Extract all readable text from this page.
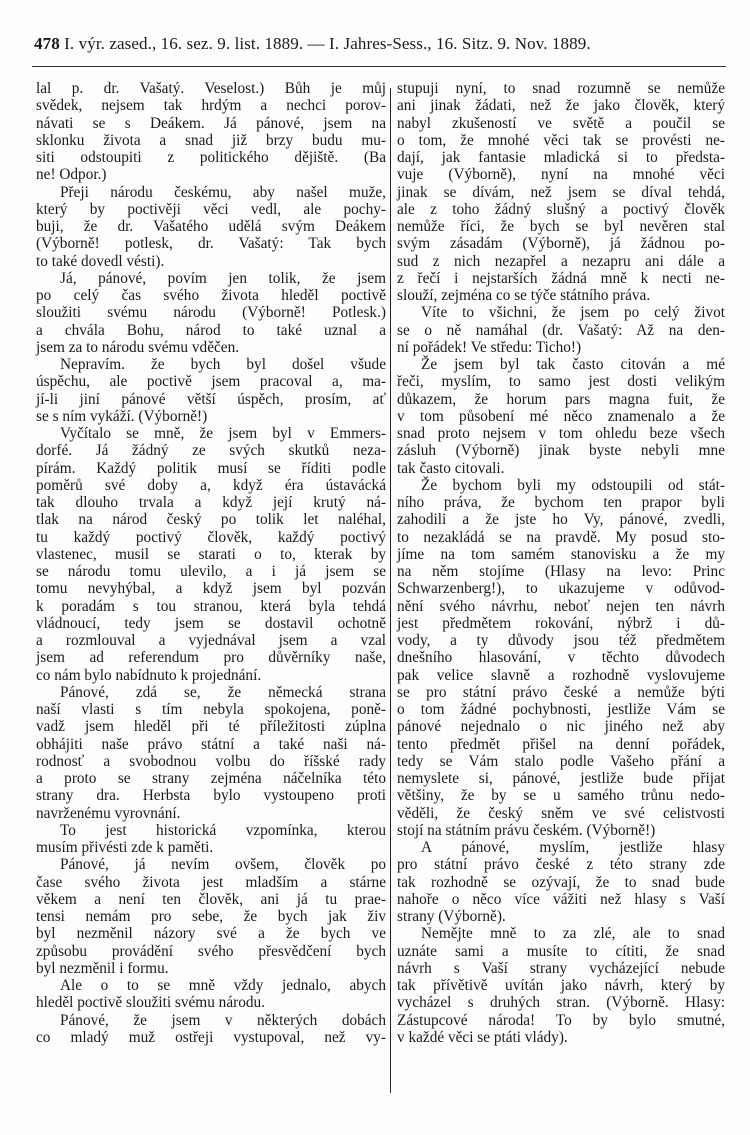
478 I. výr. zased., 16. sez. 9. list. 1889. — I. Jahres-Sess., 16. Sitz. 9. Nov. 1889.
lal p. dr. Vašatý. Veselost.) Bůh je můj
svědek, nejsem tak hrdým a nechci porov-
návati se s Deákem. Já pánové, jsem na
sklonku života a snad již brzy budu mu-
siti odstoupiti z politického dějiště. (Ba
ne! Odpor.)
Přeji národu českému, aby našel muže,
který by poctivěji věci vedl, ale pochy-
buji, že dr. Vašatého udělá svým Deákem
(Výborně! potlesk, dr. Vašatý: Tak bych
to také dovedl vésti).
Já, pánové, povím jen tolik, že jsem
po celý čas svého života hleděl poctivě
sloužiti svému národu (Výborně! Potlesk.)
a chvála Bohu, národ to také uznal a
jsem za to národu svému vděčen.
Nepravím. že bych byl došel všude
úspěchu, ale poctivě jsem pracoval a, ma-
jí-li jiní pánové větší úspěch, prosím, ať
se s ním vykáží. (Výborně!)
Vyčítalo se mně, že jsem byl v Emmers-
dorfé. Já žádný ze svých skutků neza-
pírám. Každý politik musí se říditi podle
poměrů své doby a, když éra ústavácká
tak dlouho trvala a když její krutý ná-
tlak na národ český po tolik let naléhal,
tu každý poctivý člověk, každý poctivý
vlastenec, musil se starati o to, kterak by
se národu tomu ulevilo, a i já jsem se
tomu nevyhýbal, a když jsem byl pozván
k poradám s tou stranou, která byla tehdá
vládnoucí, tedy jsem se dostavil ochotně
a rozmlouval a vyjednával jsem a vzal
jsem ad referendum pro důvěrníky naše,
co nám bylo nabídnuto k projednání.
Pánové, zdá se, že německá strana
naší vlasti s tím nebyla spokojena, poně-
vadž jsem hleděl při té příležitosti zúplna
obhájiti naše právo státní a také naši ná-
rodnosť a svobodnou volbu do říšské rady
a proto se strany zejména náčelníka této
strany dra. Herbsta bylo vystoupeno proti
navrženému vyrovnání.
To jest historická vzpomínka, kterou
musím přivésti zde k paměti.
Pánové, já nevím ovšem, člověk po
čase svého života jest mladším a stárne
věkem a není ten člověk, ani já tu prae-
tensi nemám pro sebe, že bych jak živ
byl nezměnil názory své a že bych ve
způsobu provádění svého přesvědčení bych
byl nezměnil i formu.
Ale o to se mně vždy jednalo, abych
hleděl poctivě sloužiti svému národu.
Pánové, že jsem v některých dobách
co mladý muž ostřeji vystupoval, než vy-
stupuji nyní, to snad rozumně se nemůže
ani jinak žádati, než že jako člověk, který
nabyl zkušeností ve světě a poučil se
o tom, že mnohé věci tak se provésti ne-
dají, jak fantasie mladická si to předsta-
vuje (Výborně), nyní na mnohé věci
jinak se dívám, než jsem se díval tehdá,
ale z toho žádný slušný a poctivý člověk
nemůže říci, že bych se byl nevěren stal
svým zásadám (Výborně), já žádnou po-
sud z nich nezapřel a nezapru ani dále a
z řečí i nejstarších žádná mně k necti ne-
slouží, zejména co se týče státního práva.
Víte to všichni, že jsem po celý život
se o ně namáhal (dr. Vašatý: Až na den-
ní pořádek! Ve středu: Ticho!)
Že jsem byl tak často citován a mé
řeči, myslím, to samo jest dosti velikým
důkazem, že horum pars magna fuit, že
v tom působení mé něco znamenalo a že
snad proto nejsem v tom ohledu beze všech
zásluh (Výborně) jinak byste nebyli mne
tak často citovali.
Že bychom byli my odstoupili od stát-
ního práva, že bychom ten prapor byli
zahodili a že jste ho Vy, pánové, zvedli,
to nezakládá se na pravdě. My posud sto-
jíme na tom samém stanovisku a že my
na něm stojíme (Hlasy na levo: Princ
Schwarzenberg!), to ukazujeme v odůvod-
nění svého návrhu, neboť nejen ten návrh
jest předmětem rokování, nýbrž i dů-
vody, a ty důvody jsou též předmětem
dnešního hlasování, v těchto důvodech
pak velice slavně a rozhodně vyslovujeme
se pro státní právo české a nemůže býti
o tom žádné pochybnosti, jestliže Vám se
pánové nejednalo o nic jiného než aby
tento předmět přišel na denní pořádek,
tedy se Vám stalo podle Vašeho přání a
nemyslete si, pánové, jestliže bude přijat
většiny, že by se u samého trůnu nedo-
věděli, že český sněm ve své celistvosti
stojí na státním právu českém. (Výborně!)
A pánové, myslím, jestliže hlasy
pro státní právo české z této strany zde
tak rozhodně se ozývají, že to snad bude
nahoře o něco více vážiti než hlasy s Vaší
strany (Výborně).
Nemějte mně to za zlé, ale to snad
uznáte sami a musíte to cítiti, že snad
návrh s Vaší strany vycházející nebude
tak přívětivě uvítán jako návrh, který by
vycházel s druhých stran. (Výborně. Hlasy:
Zástupcové národa! To by bylo smutné,
v každé věci se ptáti vlády).
